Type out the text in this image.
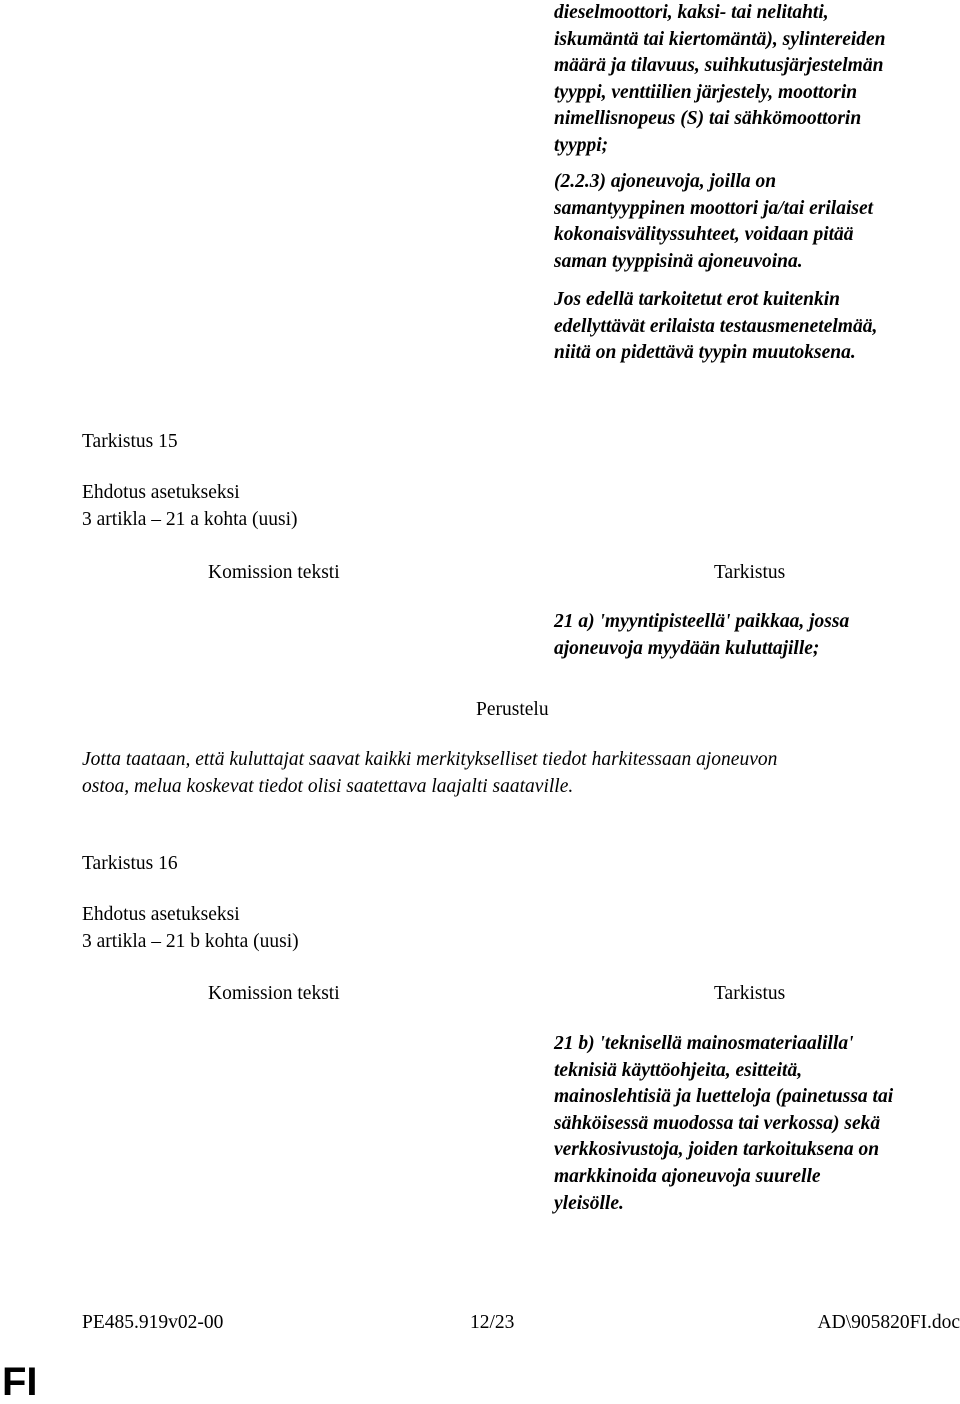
dieselmoottori, kaksi- tai nelitahti,
iskumäntä tai kiertomäntä), sylintereiden
määrä ja tilavuus, suihkutusjärjestelmän
tyyppi, venttiilien järjestely, moottorin
nimellisnopeus (S) tai sähkömoottorin
tyyppi;
(2.2.3) ajoneuvoja, joilla on
samantyyppinen moottori ja/tai erilaiset
kokonaisvälityssuhteet, voidaan pitää
saman tyyppisinä ajoneuvoina.
Jos edellä tarkoitetut erot kuitenkin
edellyttävät erilaista testausmenetelmää,
niitä on pidettävä tyypin muutoksena.
Tarkistus 15
Ehdotus asetukseksi
3 artikla – 21 a kohta (uusi)
Komission teksti	Tarkistus
21 a) 'myyntipisteellä' paikkaa, jossa
ajoneuvoja myydään kuluttajille;
Perustelu
Jotta taataan, että kuluttajat saavat kaikki merkitykselliset tiedot harkitessaan ajoneuvon
ostoa, melua koskevat tiedot olisi saatettava laajalti saataville.
Tarkistus 16
Ehdotus asetukseksi
3 artikla – 21 b kohta (uusi)
Komission teksti	Tarkistus
21 b) 'teknisellä mainosmateriaalilla'
teknisiä käyttöohjeita, esitteitä,
mainoslehtisiä ja luetteloja (painetussa tai
sähköisessä muodossa tai verkossa) sekä
verkkosivustoja, joiden tarkoituksena on
markkinoida ajoneuvoja suurelle
yleisölle.
PE485.919v02-00	12/23	AD\905820FI.doc
FI
